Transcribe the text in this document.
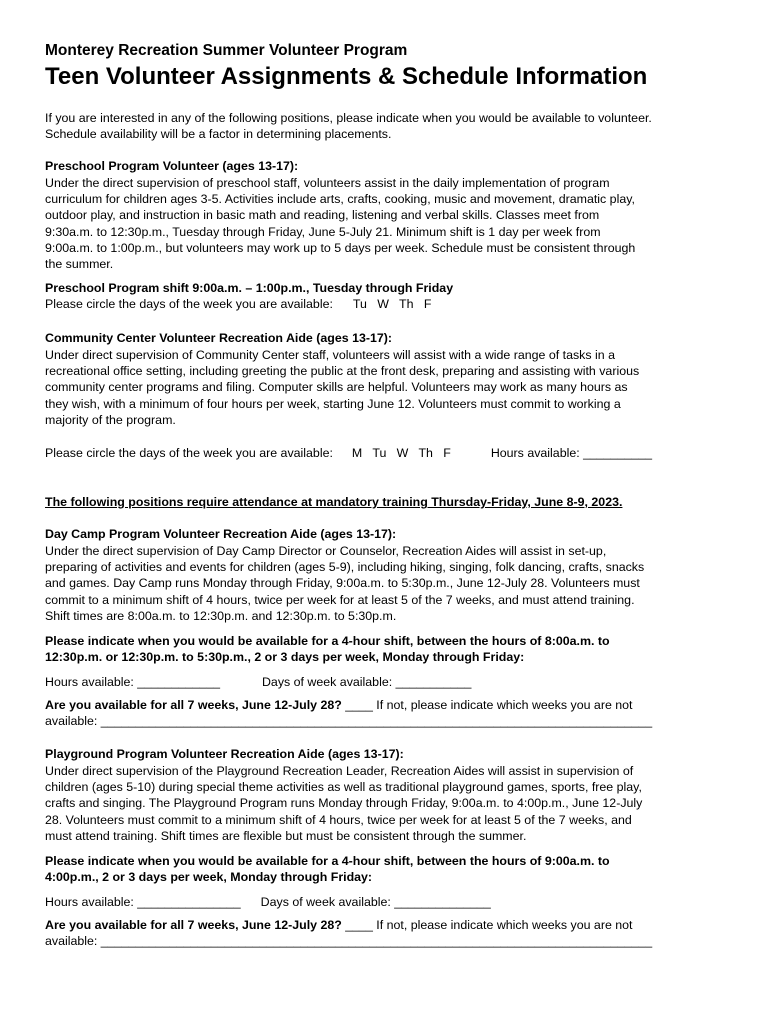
Monterey Recreation Summer Volunteer Program
Teen Volunteer Assignments & Schedule Information
If you are interested in any of the following positions, please indicate when you would be available to volunteer.
Schedule availability will be a factor in determining placements.
Preschool Program Volunteer (ages 13-17):
Under the direct supervision of preschool staff, volunteers assist in the daily implementation of program
curriculum for children ages 3-5. Activities include arts, crafts, cooking, music and movement, dramatic play,
outdoor play, and instruction in basic math and reading, listening and verbal skills. Classes meet from
9:30a.m. to 12:30p.m., Tuesday through Friday, June 5-July 21. Minimum shift is 1 day per week from
9:00a.m. to 1:00p.m., but volunteers may work up to 5 days per week. Schedule must be consistent through
the summer.
Preschool Program shift 9:00a.m. – 1:00p.m., Tuesday through Friday
Please circle the days of the week you are available: Tu   W   Th   F
Community Center Volunteer Recreation Aide (ages 13-17):
Under direct supervision of Community Center staff, volunteers will assist with a wide range of tasks in a
recreational office setting, including greeting the public at the front desk, preparing and assisting with various
community center programs and filing. Computer skills are helpful. Volunteers may work as many hours as
they wish, with a minimum of four hours per week, starting June 12. Volunteers must commit to working a
majority of the program.
Please circle the days of the week you are available: M   Tu   W   Th   F	Hours available: __________
The following positions require attendance at mandatory training Thursday-Friday, June 8-9, 2023.
Day Camp Program Volunteer Recreation Aide (ages 13-17):
Under the direct supervision of Day Camp Director or Counselor, Recreation Aides will assist in set-up,
preparing of activities and events for children (ages 5-9), including hiking, singing, folk dancing, crafts, snacks
and games. Day Camp runs Monday through Friday, 9:00a.m. to 5:30p.m., June 12-July 28. Volunteers must
commit to a minimum shift of 4 hours, twice per week for at least 5 of the 7 weeks, and must attend training.
Shift times are 8:00a.m. to 12:30p.m. and 12:30p.m. to 5:30p.m.
Please indicate when you would be available for a 4-hour shift, between the hours of 8:00a.m. to
12:30p.m. or 12:30p.m. to 5:30p.m., 2 or 3 days per week, Monday through Friday:
Hours available: ____________	Days of week available: ___________
Are you available for all 7 weeks, June 12-July 28? ____ If not, please indicate which weeks you are not
available: ________________________________________________________________________________
Playground Program Volunteer Recreation Aide (ages 13-17):
Under direct supervision of the Playground Recreation Leader, Recreation Aides will assist in supervision of
children (ages 5-10) during special theme activities as well as traditional playground games, sports, free play,
crafts and singing. The Playground Program runs Monday through Friday, 9:00a.m. to 4:00p.m., June 12-July
28. Volunteers must commit to a minimum shift of 4 hours, twice per week for at least 5 of the 7 weeks, and
must attend training. Shift times are flexible but must be consistent through the summer.
Please indicate when you would be available for a 4-hour shift, between the hours of 9:00a.m. to
4:00p.m., 2 or 3 days per week, Monday through Friday:
Hours available: _______________ Days of week available: ______________
Are you available for all 7 weeks, June 12-July 28? ____ If not, please indicate which weeks you are not
available: ________________________________________________________________________________
